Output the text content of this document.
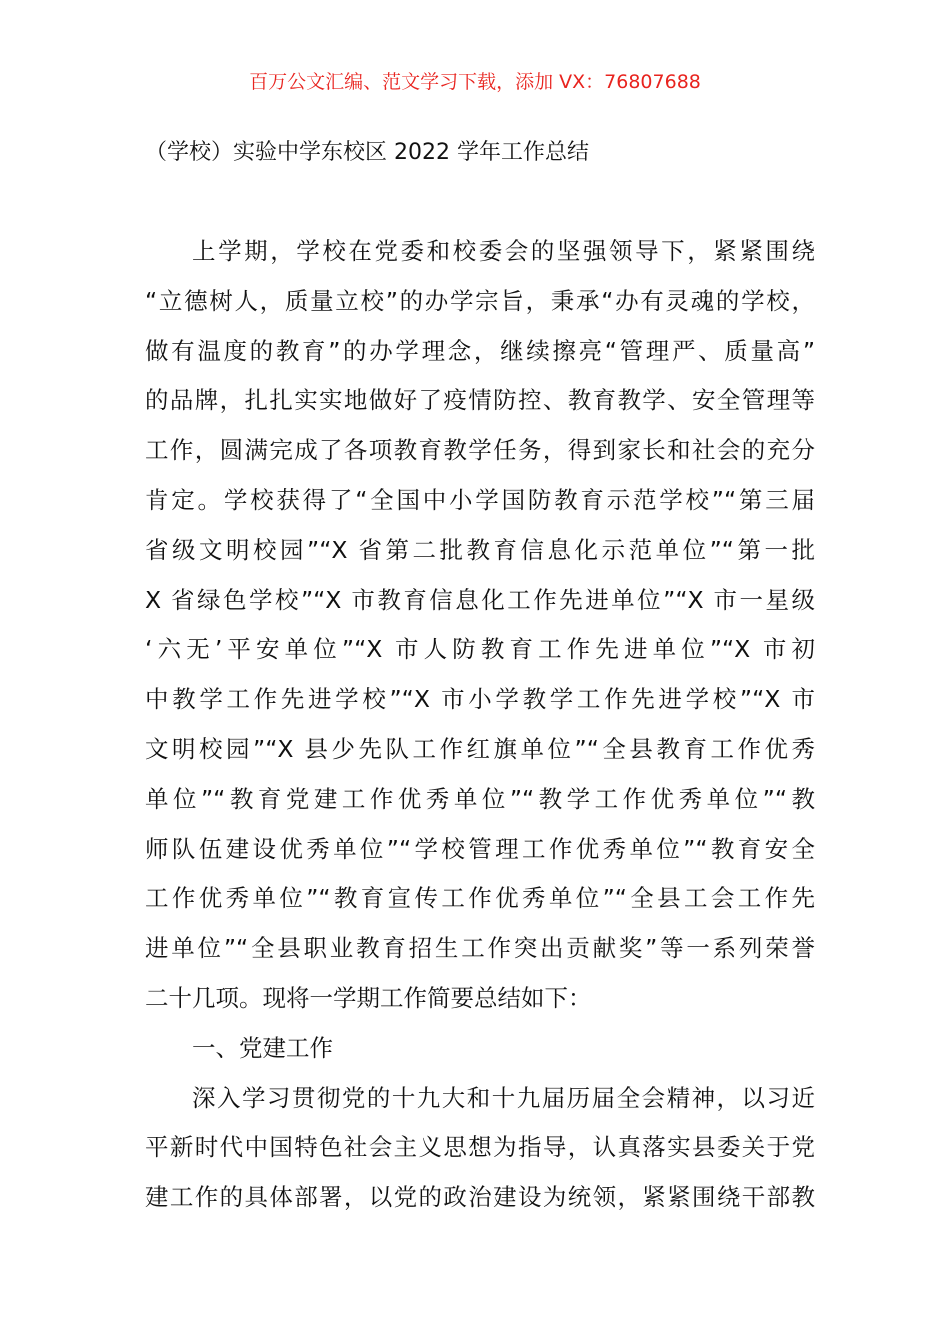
百万公文汇编、范文学习下载，添加 VX：76807688
（学校）实验中学东校区 2022 学年工作总结
上学期，学校在党委和校委会的坚强领导下，紧紧围绕
“立德树人，质量立校”的办学宗旨，秉承“办有灵魂的学校，
做有温度的教育”的办学理念，继续擦亮“管理严、质量高”
的品牌，扎扎实实地做好了疫情防控、教育教学、安全管理等
工作，圆满完成了各项教育教学任务，得到家长和社会的充分
肯定。学校获得了“全国中小学国防教育示范学校”“第三届
省级文明校园”“X 省第二批教育信息化示范单位”“第一批
X 省绿色学校”“X 市教育信息化工作先进单位”“X 市一星级
‘六无’平安单位”“X 市人防教育工作先进单位”“X 市初
中教学工作先进学校”“X 市小学教学工作先进学校”“X 市
文明校园”“X 县少先队工作红旗单位”“全县教育工作优秀
单位”“教育党建工作优秀单位”“教学工作优秀单位”“教
师队伍建设优秀单位”“学校管理工作优秀单位”“教育安全
工作优秀单位”“教育宣传工作优秀单位”“全县工会工作先
进单位”“全县职业教育招生工作突出贡献奖”等一系列荣誉
二十几项。现将一学期工作简要总结如下：
一、党建工作
深入学习贯彻党的十九大和十九届历届全会精神，以习近
平新时代中国特色社会主义思想为指导，认真落实县委关于党
建工作的具体部署，以党的政治建设为统领，紧紧围绕干部教
